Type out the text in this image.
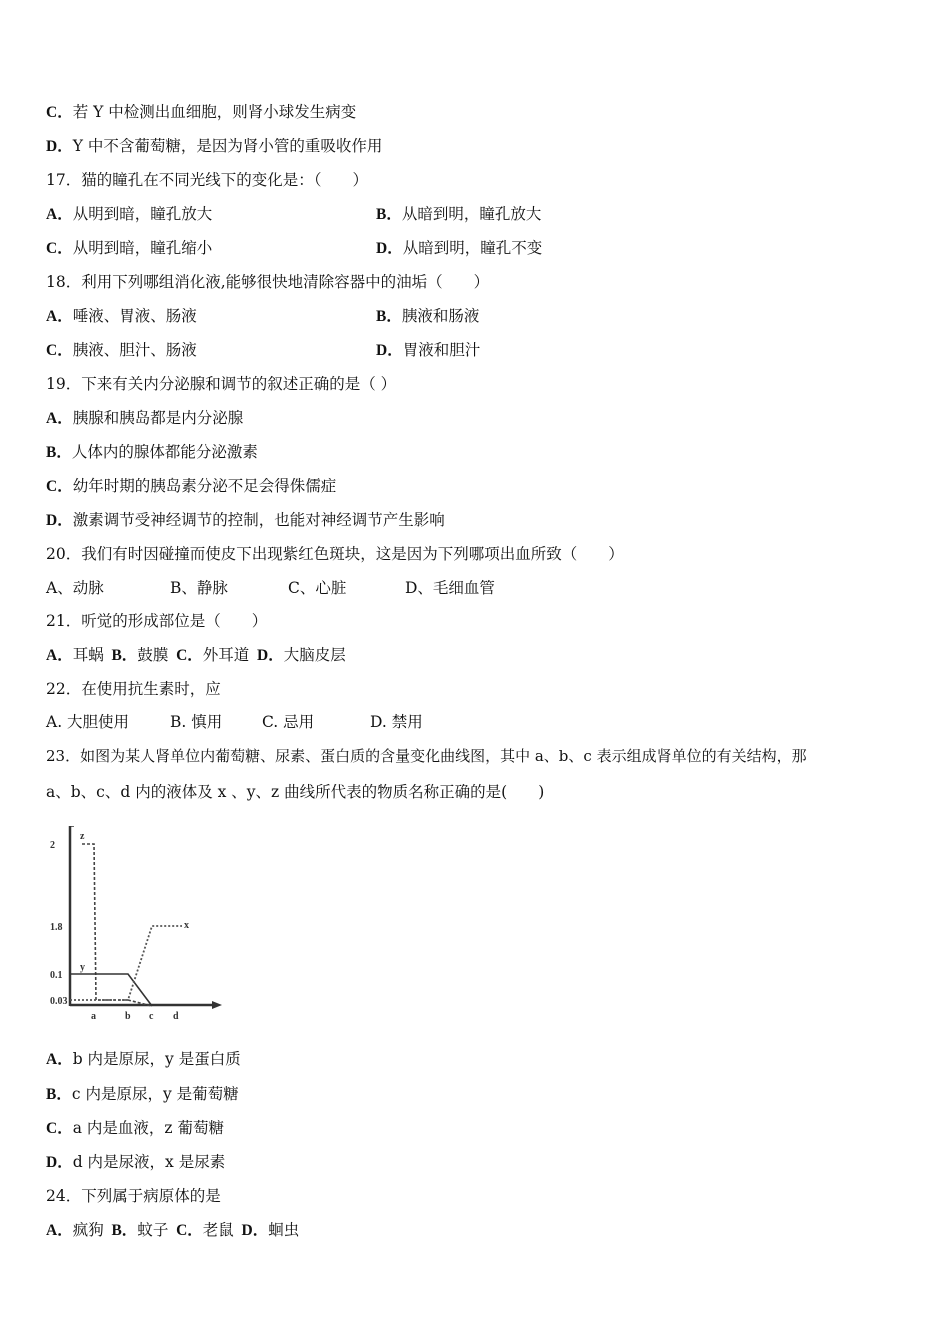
C．若 Y 中检测出血细胞，则肾小球发生病变
D．Y 中不含葡萄糖，是因为肾小管的重吸收作用
17．猫的瞳孔在不同光线下的变化是：（　　）
A．从明到暗，瞳孔放大	B．从暗到明，瞳孔放大
C．从明到暗，瞳孔缩小	D．从暗到明，瞳孔不变
18．利用下列哪组消化液,能够很快地清除容器中的油垢（　　）
A．唾液、胃液、肠液	B．胰液和肠液
C．胰液、胆汁、肠液	D．胃液和胆汁
19．下来有关内分泌腺和调节的叙述正确的是（ ）
A．胰腺和胰岛都是内分泌腺
B．人体内的腺体都能分泌激素
C．幼年时期的胰岛素分泌不足会得侏儒症
D．激素调节受神经调节的控制，也能对神经调节产生影响
20．我们有时因碰撞而使皮下出现紫红色斑块，这是因为下列哪项出血所致（　　）
A、动脉	B、静脉	C、心脏	D、毛细血管
21．听觉的形成部位是（　　）
A．耳蜗  B．鼓膜  C．外耳道  D．大脑皮层
22．在使用抗生素时，应
A. 大胆使用	B. 慎用	C. 忌用	D. 禁用
23．如图为某人肾单位内葡萄糖、尿素、蛋白质的含量变化曲线图，其中 a、b、c 表示组成肾单位的有关结构，那
a、b、c、d 内的液体及 x 、y、z 曲线所代表的物质名称正确的是(　　)
2
1.8
0.1
0.03
a	b c d
z
y
x
A．b 内是原尿，y 是蛋白质
B．c 内是原尿，y 是葡萄糖
C．a 内是血液，z 葡萄糖
D．d 内是尿液，x 是尿素
24．下列属于病原体的是
A．疯狗  B．蚊子  C．老鼠  D．蛔虫
